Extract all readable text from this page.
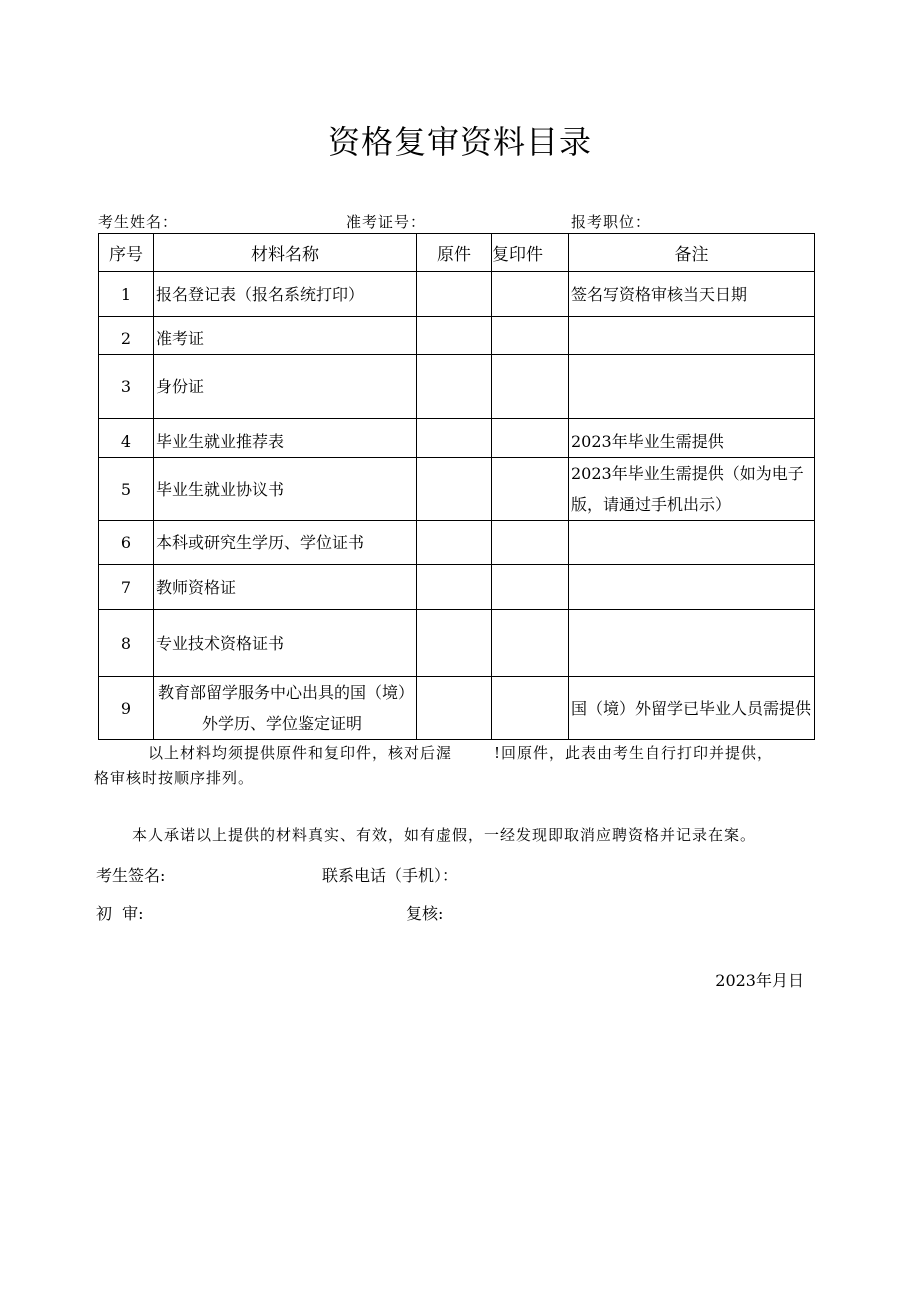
资格复审资料目录
考生姓名：	准考证号：	报考职位：
序号	材料名称	原件	复印件	备注
1	报名登记表（报名系统打印）			签名写资格审核当天日期
2	准考证			
3	身份证			
4	毕业生就业推荐表			2023年毕业生需提供
5	毕业生就业协议书			2023年毕业生需提供（如为电子版，请通过手机出示）
6	本科或研究生学历、学位证书			
7	教师资格证			
8	专业技术资格证书			
9	教育部留学服务中心出具的国（境）外学历、学位鉴定证明			国（境）外留学已毕业人员需提供
以上材料均须提供原件和复印件，核对后渥	!回原件，此表由考生自行打印并提供，
格审核时按顺序排列。
本人承诺以上提供的材料真实、有效，如有虚假，一经发现即取消应聘资格并记录在案。
考生签名:	联系电话（手机）：
初  审:	复核:
2023年月日
